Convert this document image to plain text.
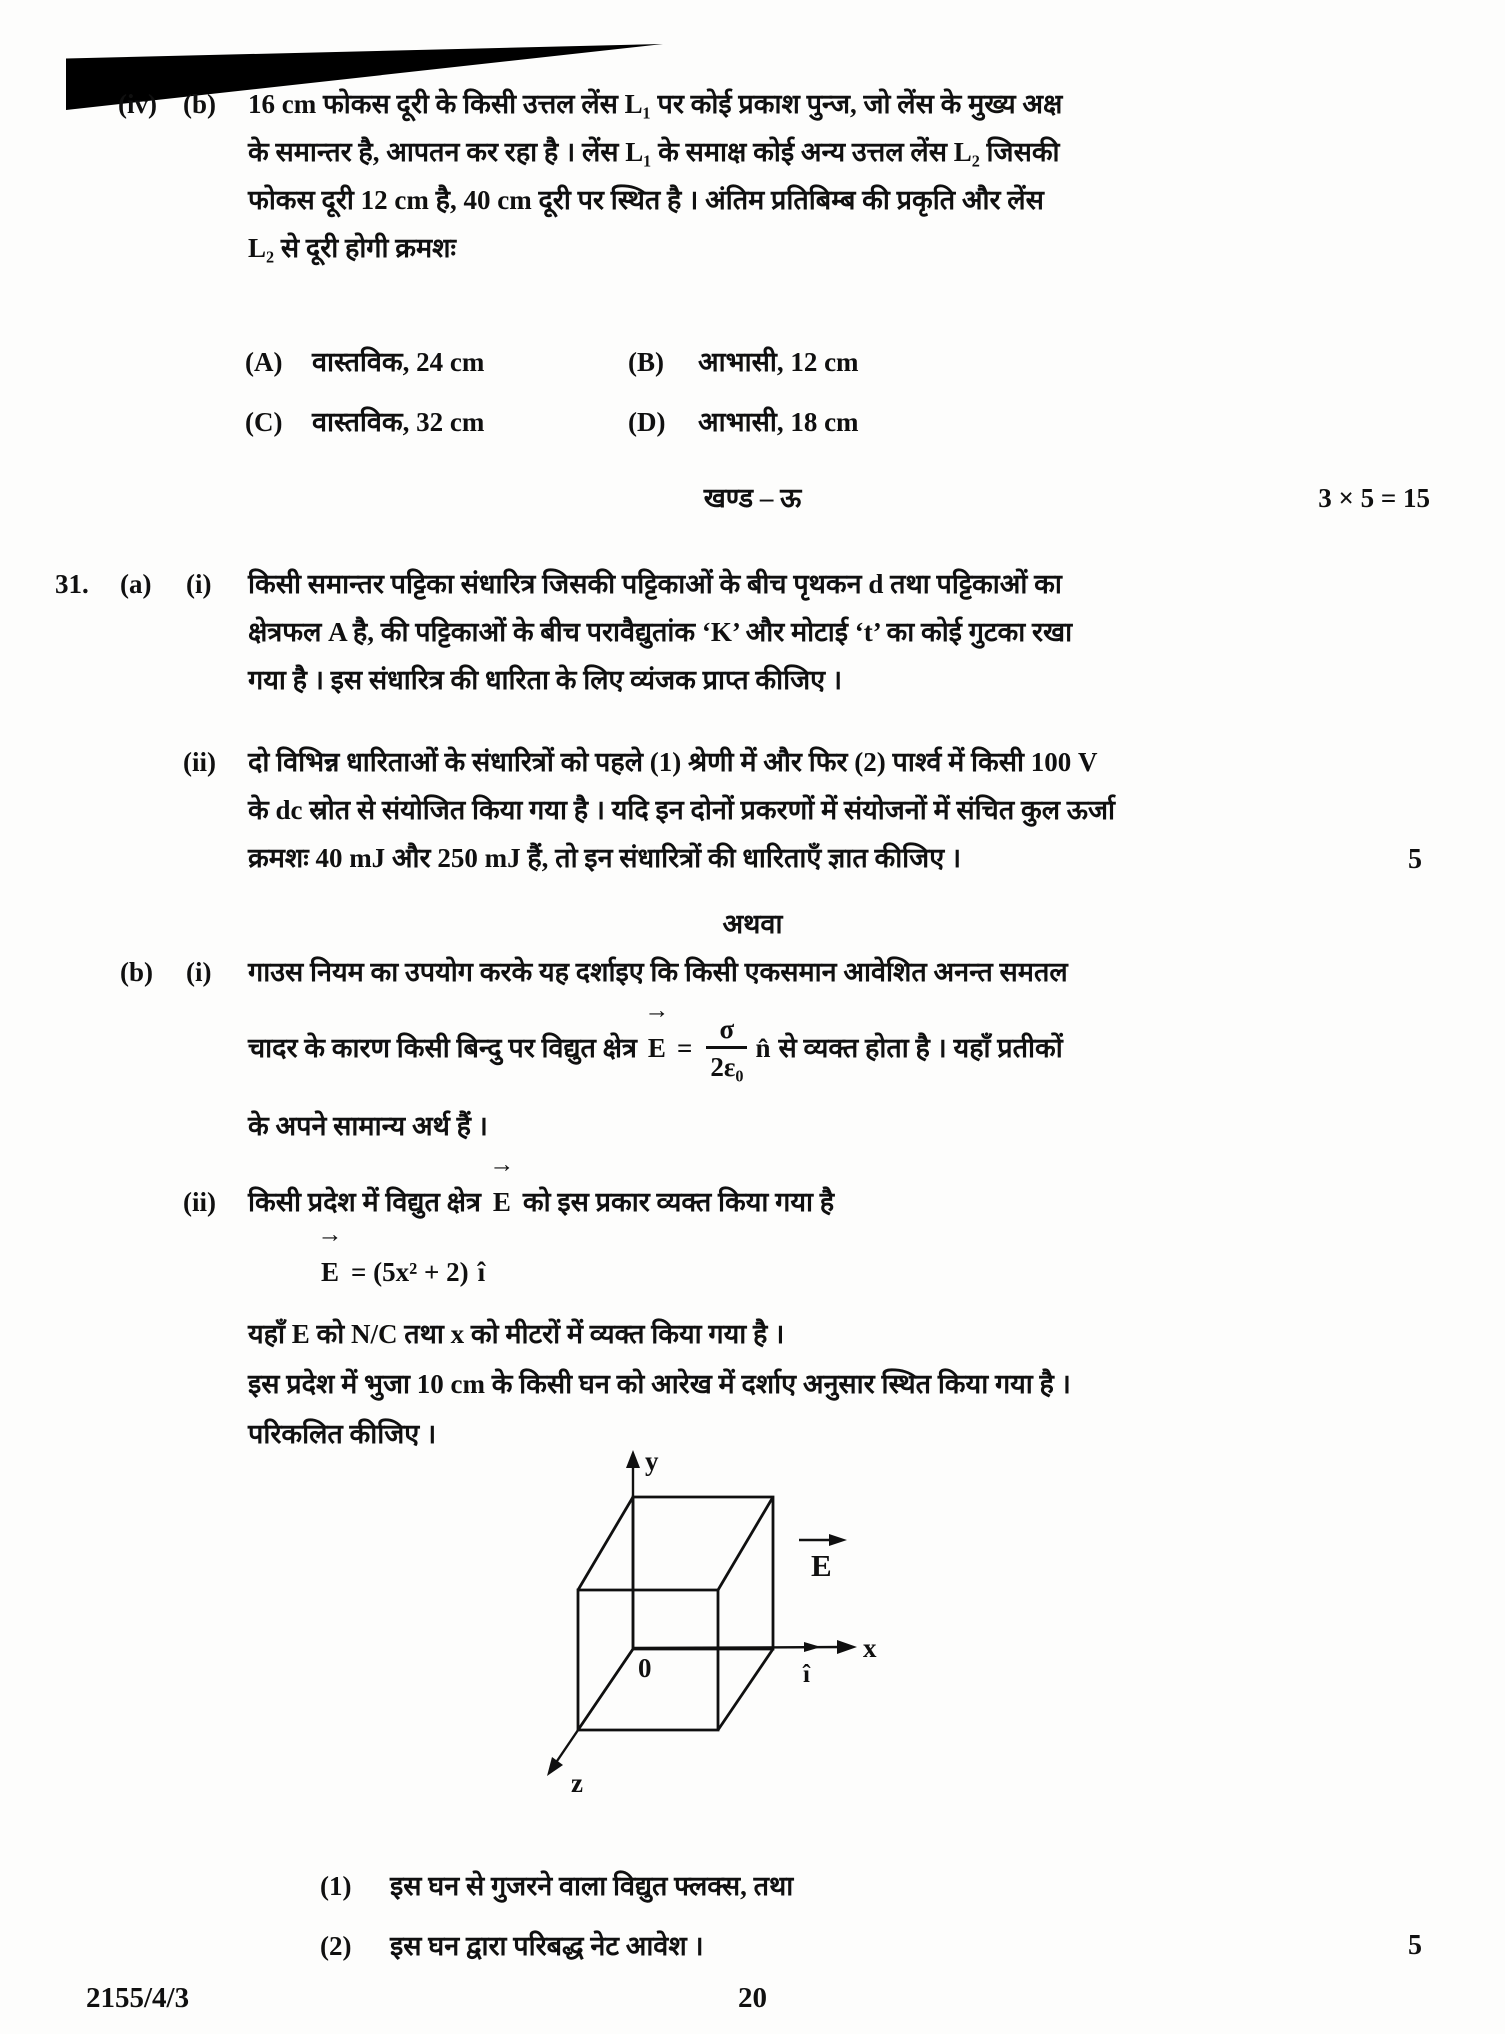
(iv) (b) 16 cm फोकस दूरी के किसी उत्तल लेंस L₁ पर कोई प्रकाश पुन्ज, जो लेंस के मुख्य अक्ष
के समान्तर है, आपतन कर रहा है । लेंस L₁ के समाक्ष कोई अन्य उत्तल लेंस L₂ जिसकी
फोकस दूरी 12 cm है, 40 cm दूरी पर स्थित है । अंतिम प्रतिबिम्ब की प्रकृति और लेंस
L₂ से दूरी होगी क्रमशः
(A) वास्तविक, 24 cm	(B) आभासी, 12 cm
(C) वास्तविक, 32 cm	(D) आभासी, 18 cm
खण्ड – ऊ	3 × 5 = 15
31. (a) (i) किसी समान्तर पट्टिका संधारित्र जिसकी पट्टिकाओं के बीच पृथकन d तथा पट्टिकाओं का
क्षेत्रफल A है, की पट्टिकाओं के बीच परावैद्युतांक ‘K’ और मोटाई ‘t’ का कोई गुटका रखा
गया है । इस संधारित्र की धारिता के लिए व्यंजक प्राप्त कीजिए ।
(ii) दो विभिन्न धारिताओं के संधारित्रों को पहले (1) श्रेणी में और फिर (2) पार्श्व में किसी 100 V
के dc स्रोत से संयोजित किया गया है । यदि इन दोनों प्रकरणों में संयोजनों में संचित कुल ऊर्जा
क्रमशः 40 mJ और 250 mJ हैं, तो इन संधारित्रों की धारिताएँ ज्ञात कीजिए ।	5
अथवा
(b) (i) गाउस नियम का उपयोग करके यह दर्शाइए कि किसी एकसमान आवेशित अनन्त समतल
चादर के कारण किसी बिन्दु पर विद्युत क्षेत्र
→
$E = \frac{\sigma}{\text{2ε₀}}$ n̂ से व्यक्त होता है । यहाँ प्रतीकों
के अपने सामान्य अर्थ हैं ।
(ii) किसी प्रदेश में विद्युत क्षेत्र
→
E को इस प्रकार व्यक्त किया गया है
→
E = (5x² + 2) î
यहाँ E को N/C तथा x को मीटरों में व्यक्त किया गया है ।
इस प्रदेश में भुजा 10 cm के किसी घन को आरेख में दर्शाए अनुसार स्थित किया गया है ।
परिकलित कीजिए ।
y
x
z
0
E
î
(1) इस घन से गुजरने वाला विद्युत फ्लक्स, तथा
(2) इस घन द्वारा परिबद्ध नेट आवेश ।	5
2155/4/3	20
